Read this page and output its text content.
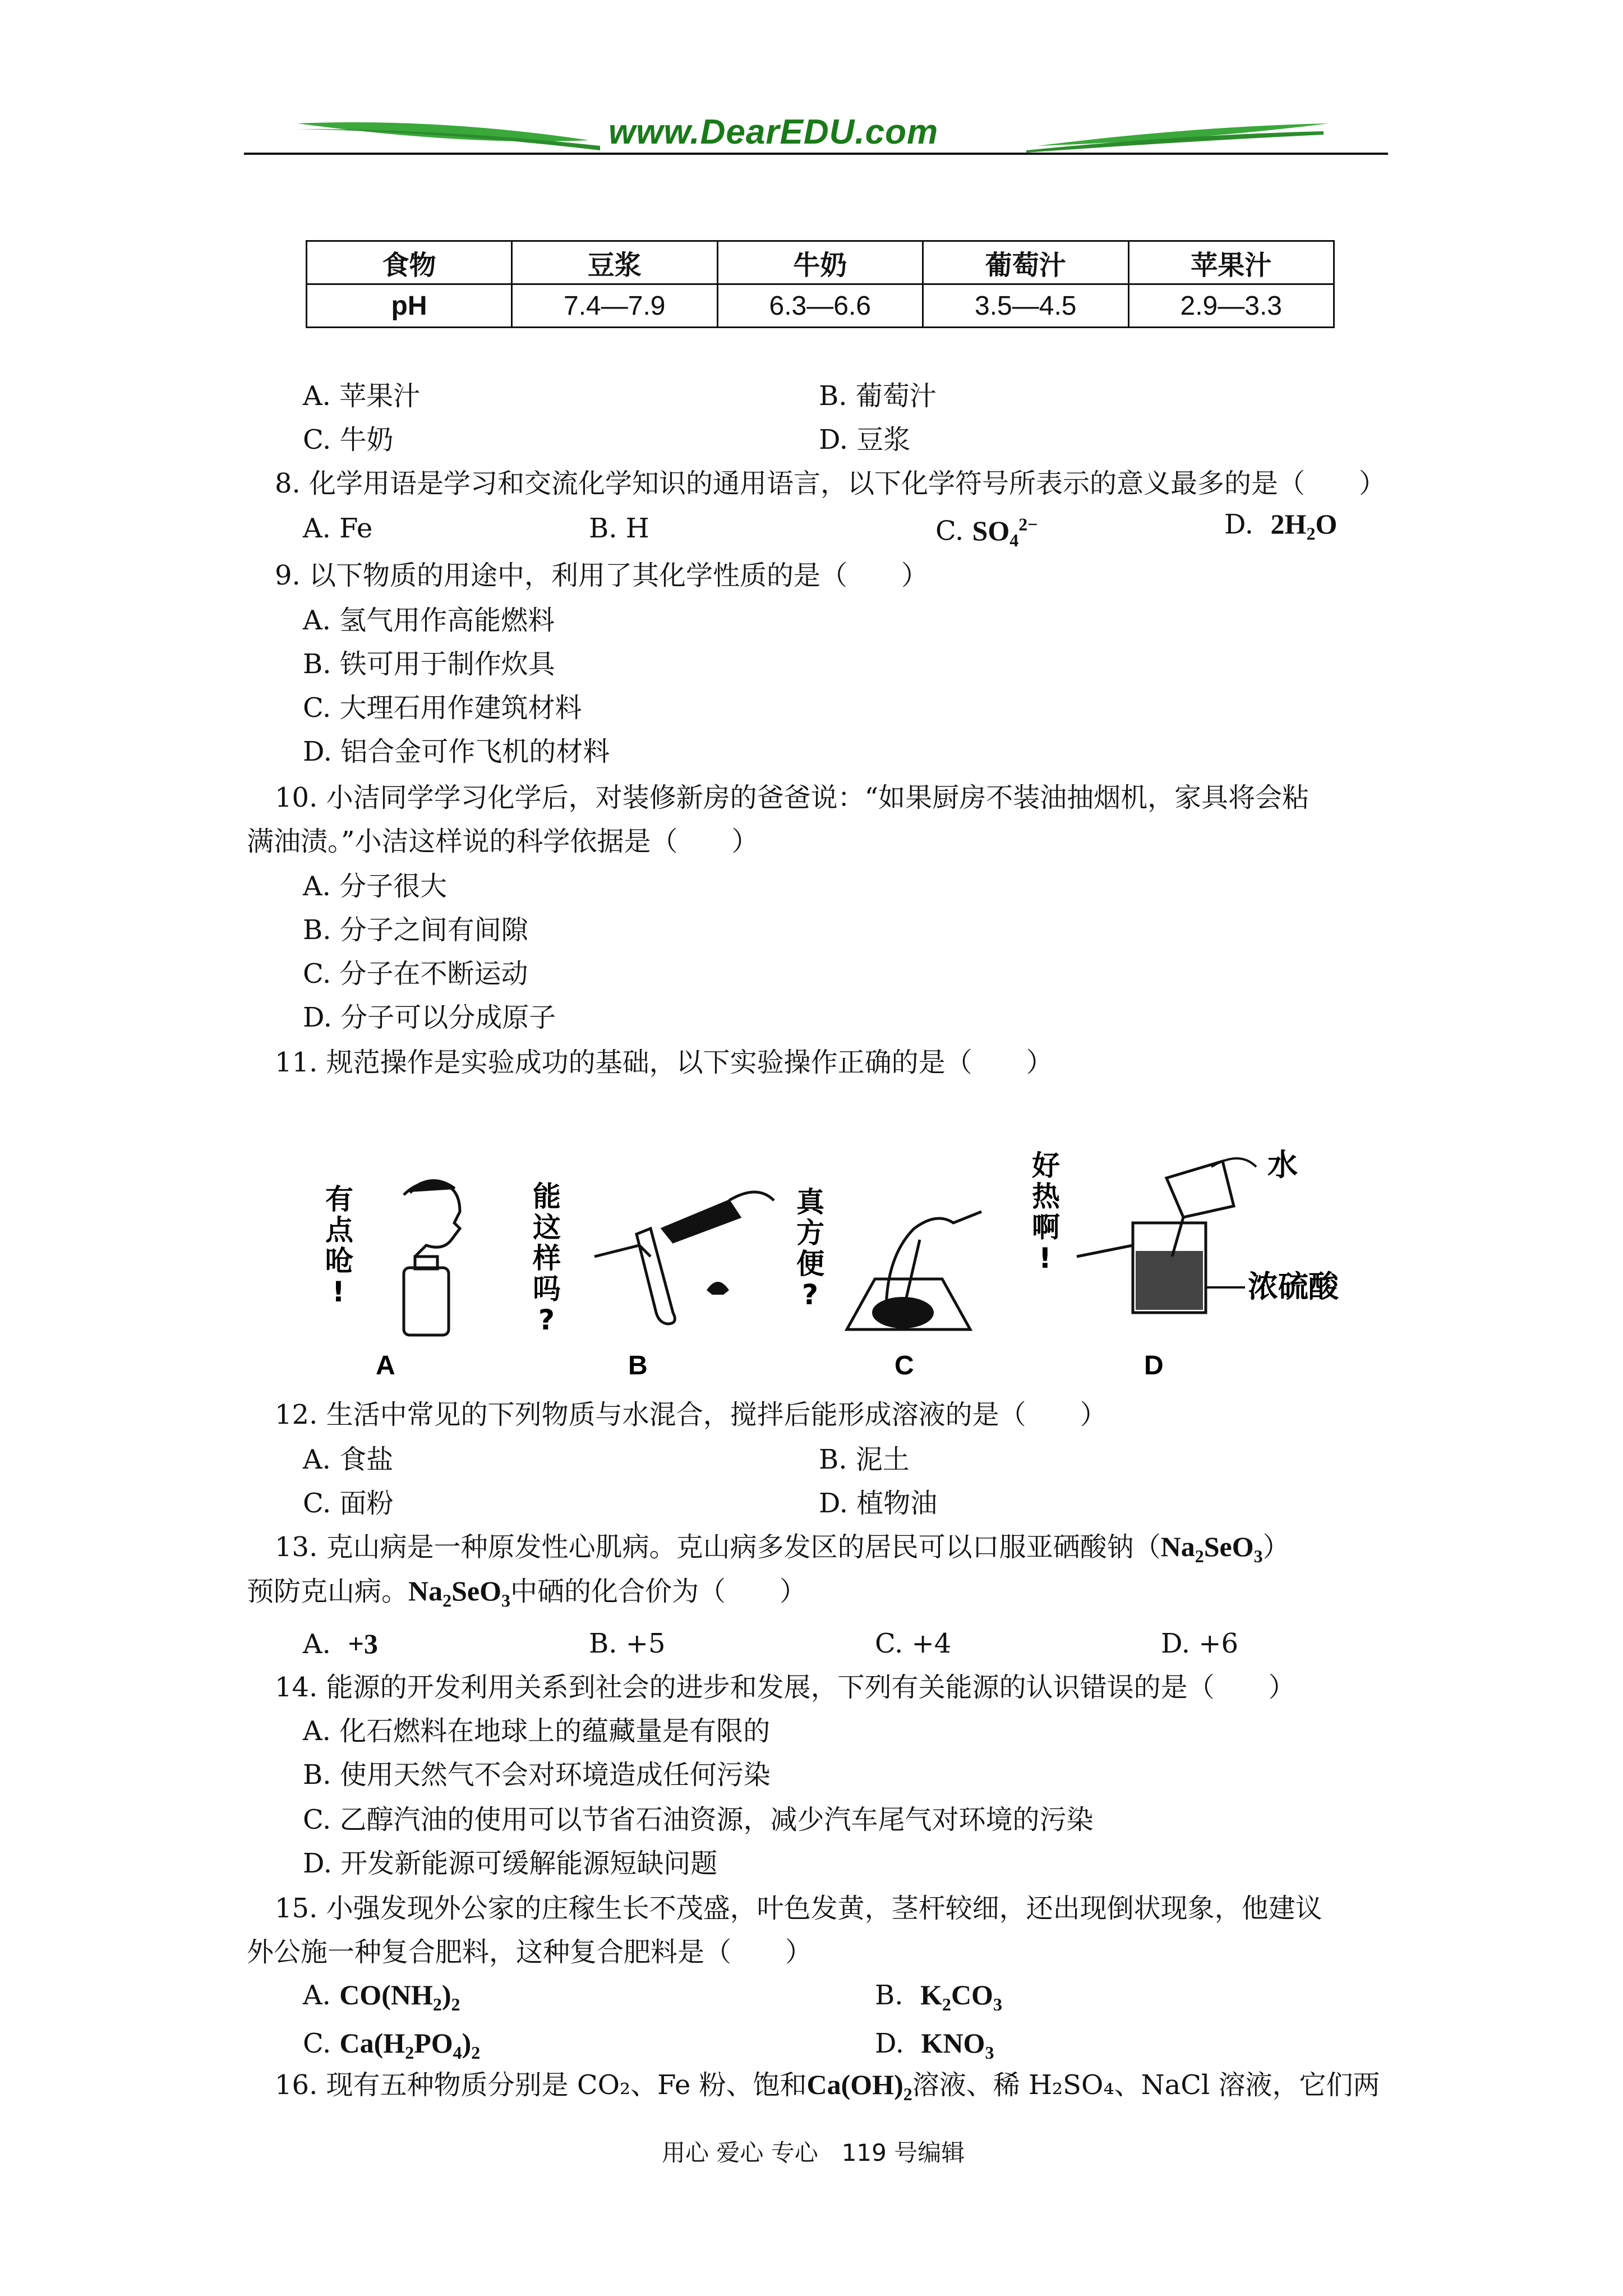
www.DearEDU.com
食物	豆浆	牛奶	葡萄汁	苹果汁
pH	7.4—7.9	6.3—6.6	3.5—4.5	2.9—3.3
A. 苹果汁	B. 葡萄汁
C. 牛奶	D. 豆浆
8. 化学用语是学习和交流化学知识的通用语言，以下化学符号所表示的意义最多的是（　　）
A. Fe	B. H	C. $SO_4^{2-}$	D. $2H_2O$
9. 以下物质的用途中，利用了其化学性质的是（　　）
A. 氢气用作高能燃料
B. 铁可用于制作炊具
C. 大理石用作建筑材料
D. 铝合金可作飞机的材料
10. 小洁同学学习化学后，对装修新房的爸爸说：“如果厨房不装油抽烟机，家具将会粘
满油渍。”小洁这样说的科学依据是（　　）
A. 分子很大
B. 分子之间有间隙
C. 分子在不断运动
D. 分子可以分成原子
11. 规范操作是实验成功的基础，以下实验操作正确的是（　　）
有
点
呛
!
能
这
样
吗
?
真
方
便
?
好
热
啊
!
水
浓硫酸
A	B	C	D
12. 生活中常见的下列物质与水混合，搅拌后能形成溶液的是（　　）
A. 食盐	B. 泥土
C. 面粉	D. 植物油
13. 克山病是一种原发性心肌病。克山病多发区的居民可以口服亚硒酸钠$(Na_2SeO_3)$
预防克山病。$Na_2SeO_3$中硒的化合价为（　　）
A. +3	B. +5	C. +4	D. +6
14. 能源的开发利用关系到社会的进步和发展，下列有关能源的认识错误的是（　　）
A. 化石燃料在地球上的蕴藏量是有限的
B. 使用天然气不会对环境造成任何污染
C. 乙醇汽油的使用可以节省石油资源，减少汽车尾气对环境的污染
D. 开发新能源可缓解能源短缺问题
15. 小强发现外公家的庄稼生长不茂盛，叶色发黄，茎杆较细，还出现倒状现象，他建议
外公施一种复合肥料，这种复合肥料是（　　）
A. $CO(NH_2)_2$	B. $K_2CO_3$
C. $Ca(H_2PO_4)_2$	D. $KNO_3$
16. 现有五种物质分别是 CO₂、Fe 粉、饱和$Ca(OH)_2$溶液、稀 H₂SO₄、NaCl 溶液，它们两
用心 爱心 专心　119 号编辑
